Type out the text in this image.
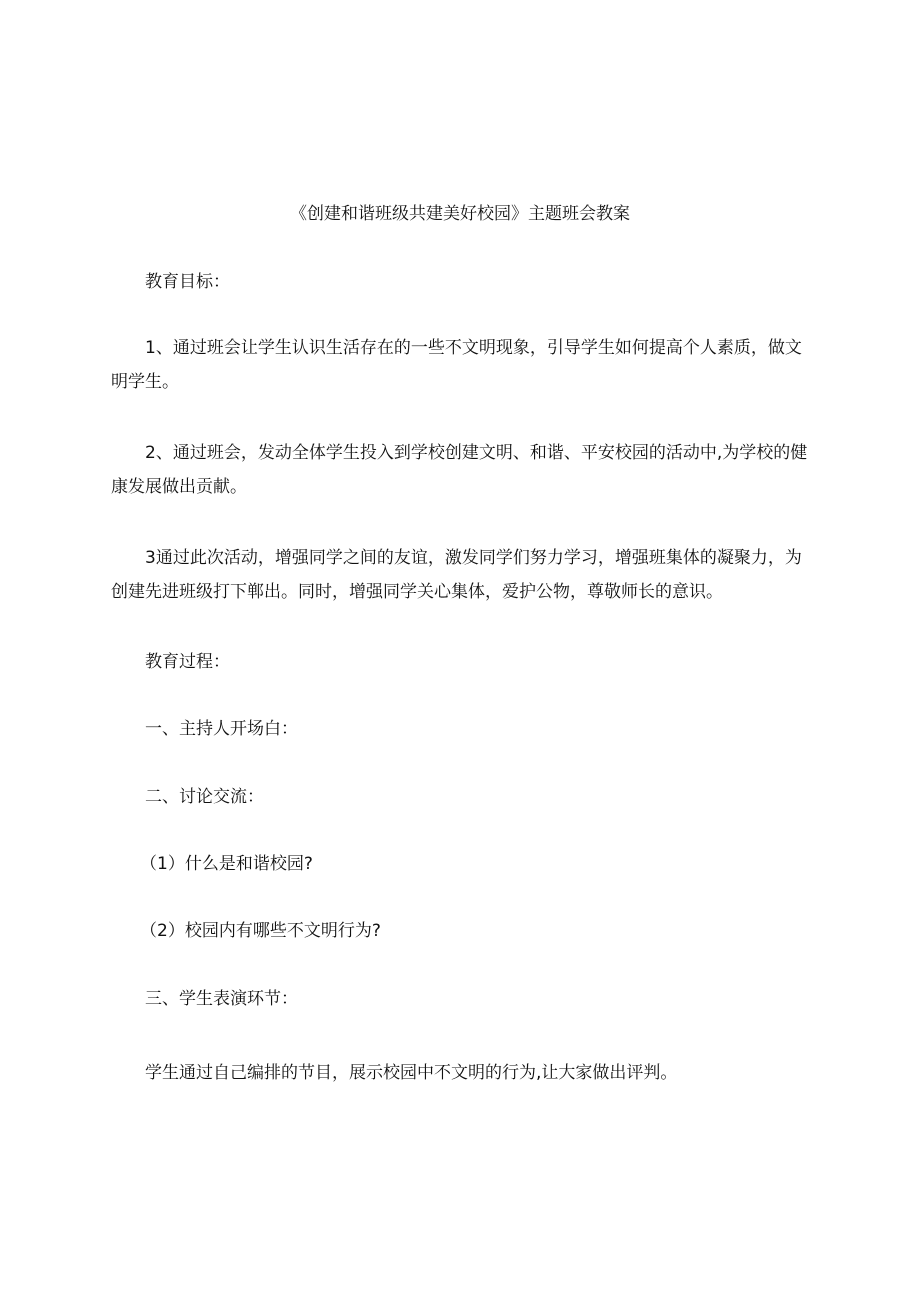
《创建和谐班级共建美好校园》主题班会教案
教育目标：
1、通过班会让学生认识生活存在的一些不文明现象，引导学生如何提高个人素质，做文明学生。
2、通过班会，发动全体学生投入到学校创建文明、和谐、平安校园的活动中,为学校的健康发展做出贡献。
3通过此次活动，增强同学之间的友谊，激发同学们努力学习，增强班集体的凝聚力，为创建先进班级打下郸出。同时，增强同学关心集体，爱护公物，尊敬师长的意识。
教育过程：
一、主持人开场白：
二、讨论交流：
（1）什么是和谐校园?
（2）校园内有哪些不文明行为?
三、学生表演环节：
学生通过自己编排的节目，展示校园中不文明的行为,让大家做出评判。
